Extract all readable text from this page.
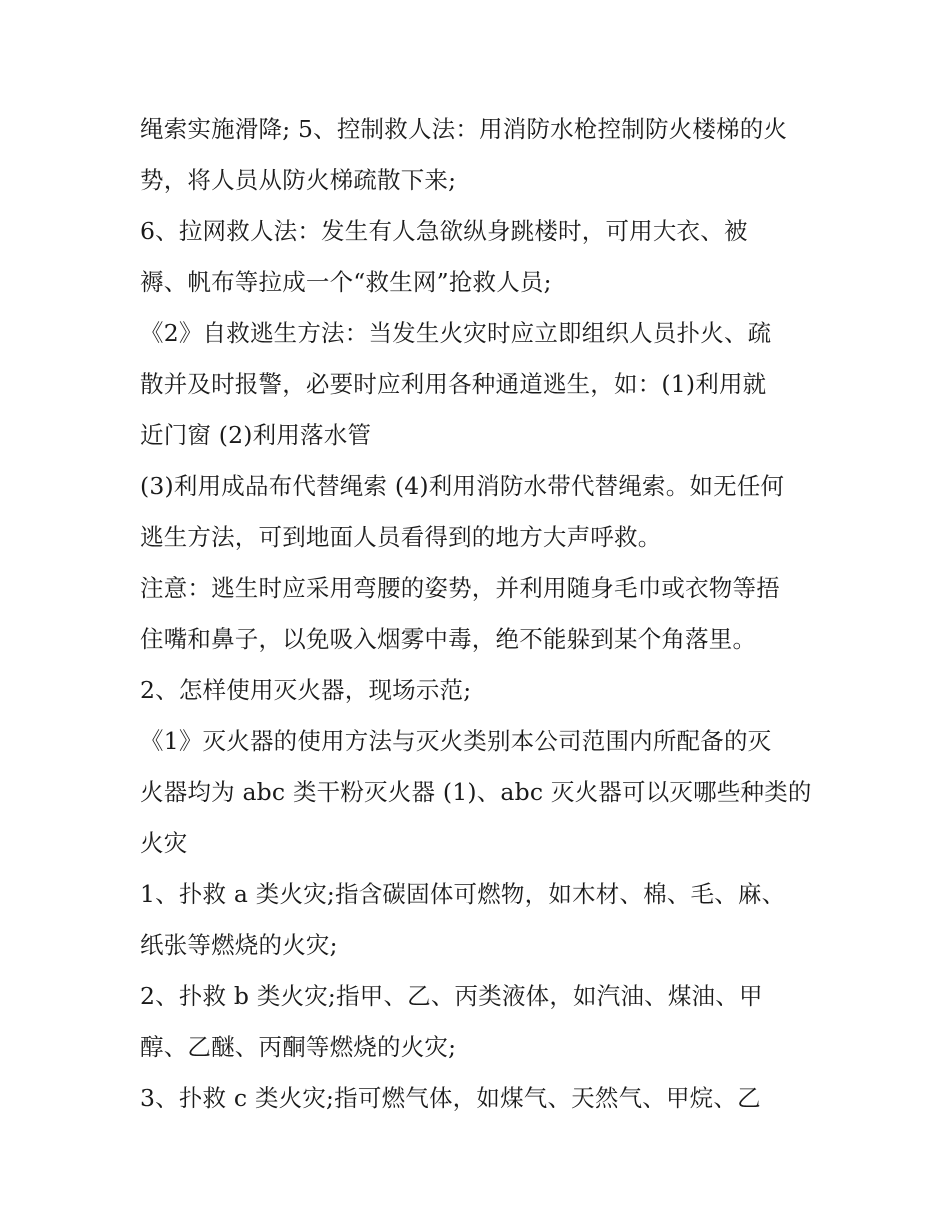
绳索实施滑降; 5、控制救人法：用消防水枪控制防火楼梯的火
势，将人员从防火梯疏散下来;
6、拉网救人法：发生有人急欲纵身跳楼时，可用大衣、被
褥、帆布等拉成一个“救生网”抢救人员;
《2》自救逃生方法：当发生火灾时应立即组织人员扑火、疏
散并及时报警，必要时应利用各种通道逃生，如：(1)利用就
近门窗 (2)利用落水管
(3)利用成品布代替绳索 (4)利用消防水带代替绳索。如无任何
逃生方法，可到地面人员看得到的地方大声呼救。
注意：逃生时应采用弯腰的姿势，并利用随身毛巾或衣物等捂
住嘴和鼻子，以免吸入烟雾中毒，绝不能躲到某个角落里。
2、怎样使用灭火器，现场示范;
《1》灭火器的使用方法与灭火类别本公司范围内所配备的灭
火器均为 abc 类干粉灭火器 (1)、abc 灭火器可以灭哪些种类的
火灾
1、扑救 a 类火灾;指含碳固体可燃物，如木材、棉、毛、麻、
纸张等燃烧的火灾;
2、扑救 b 类火灾;指甲、乙、丙类液体，如汽油、煤油、甲
醇、乙醚、丙酮等燃烧的火灾;
3、扑救 c 类火灾;指可燃气体，如煤气、天然气、甲烷、乙
